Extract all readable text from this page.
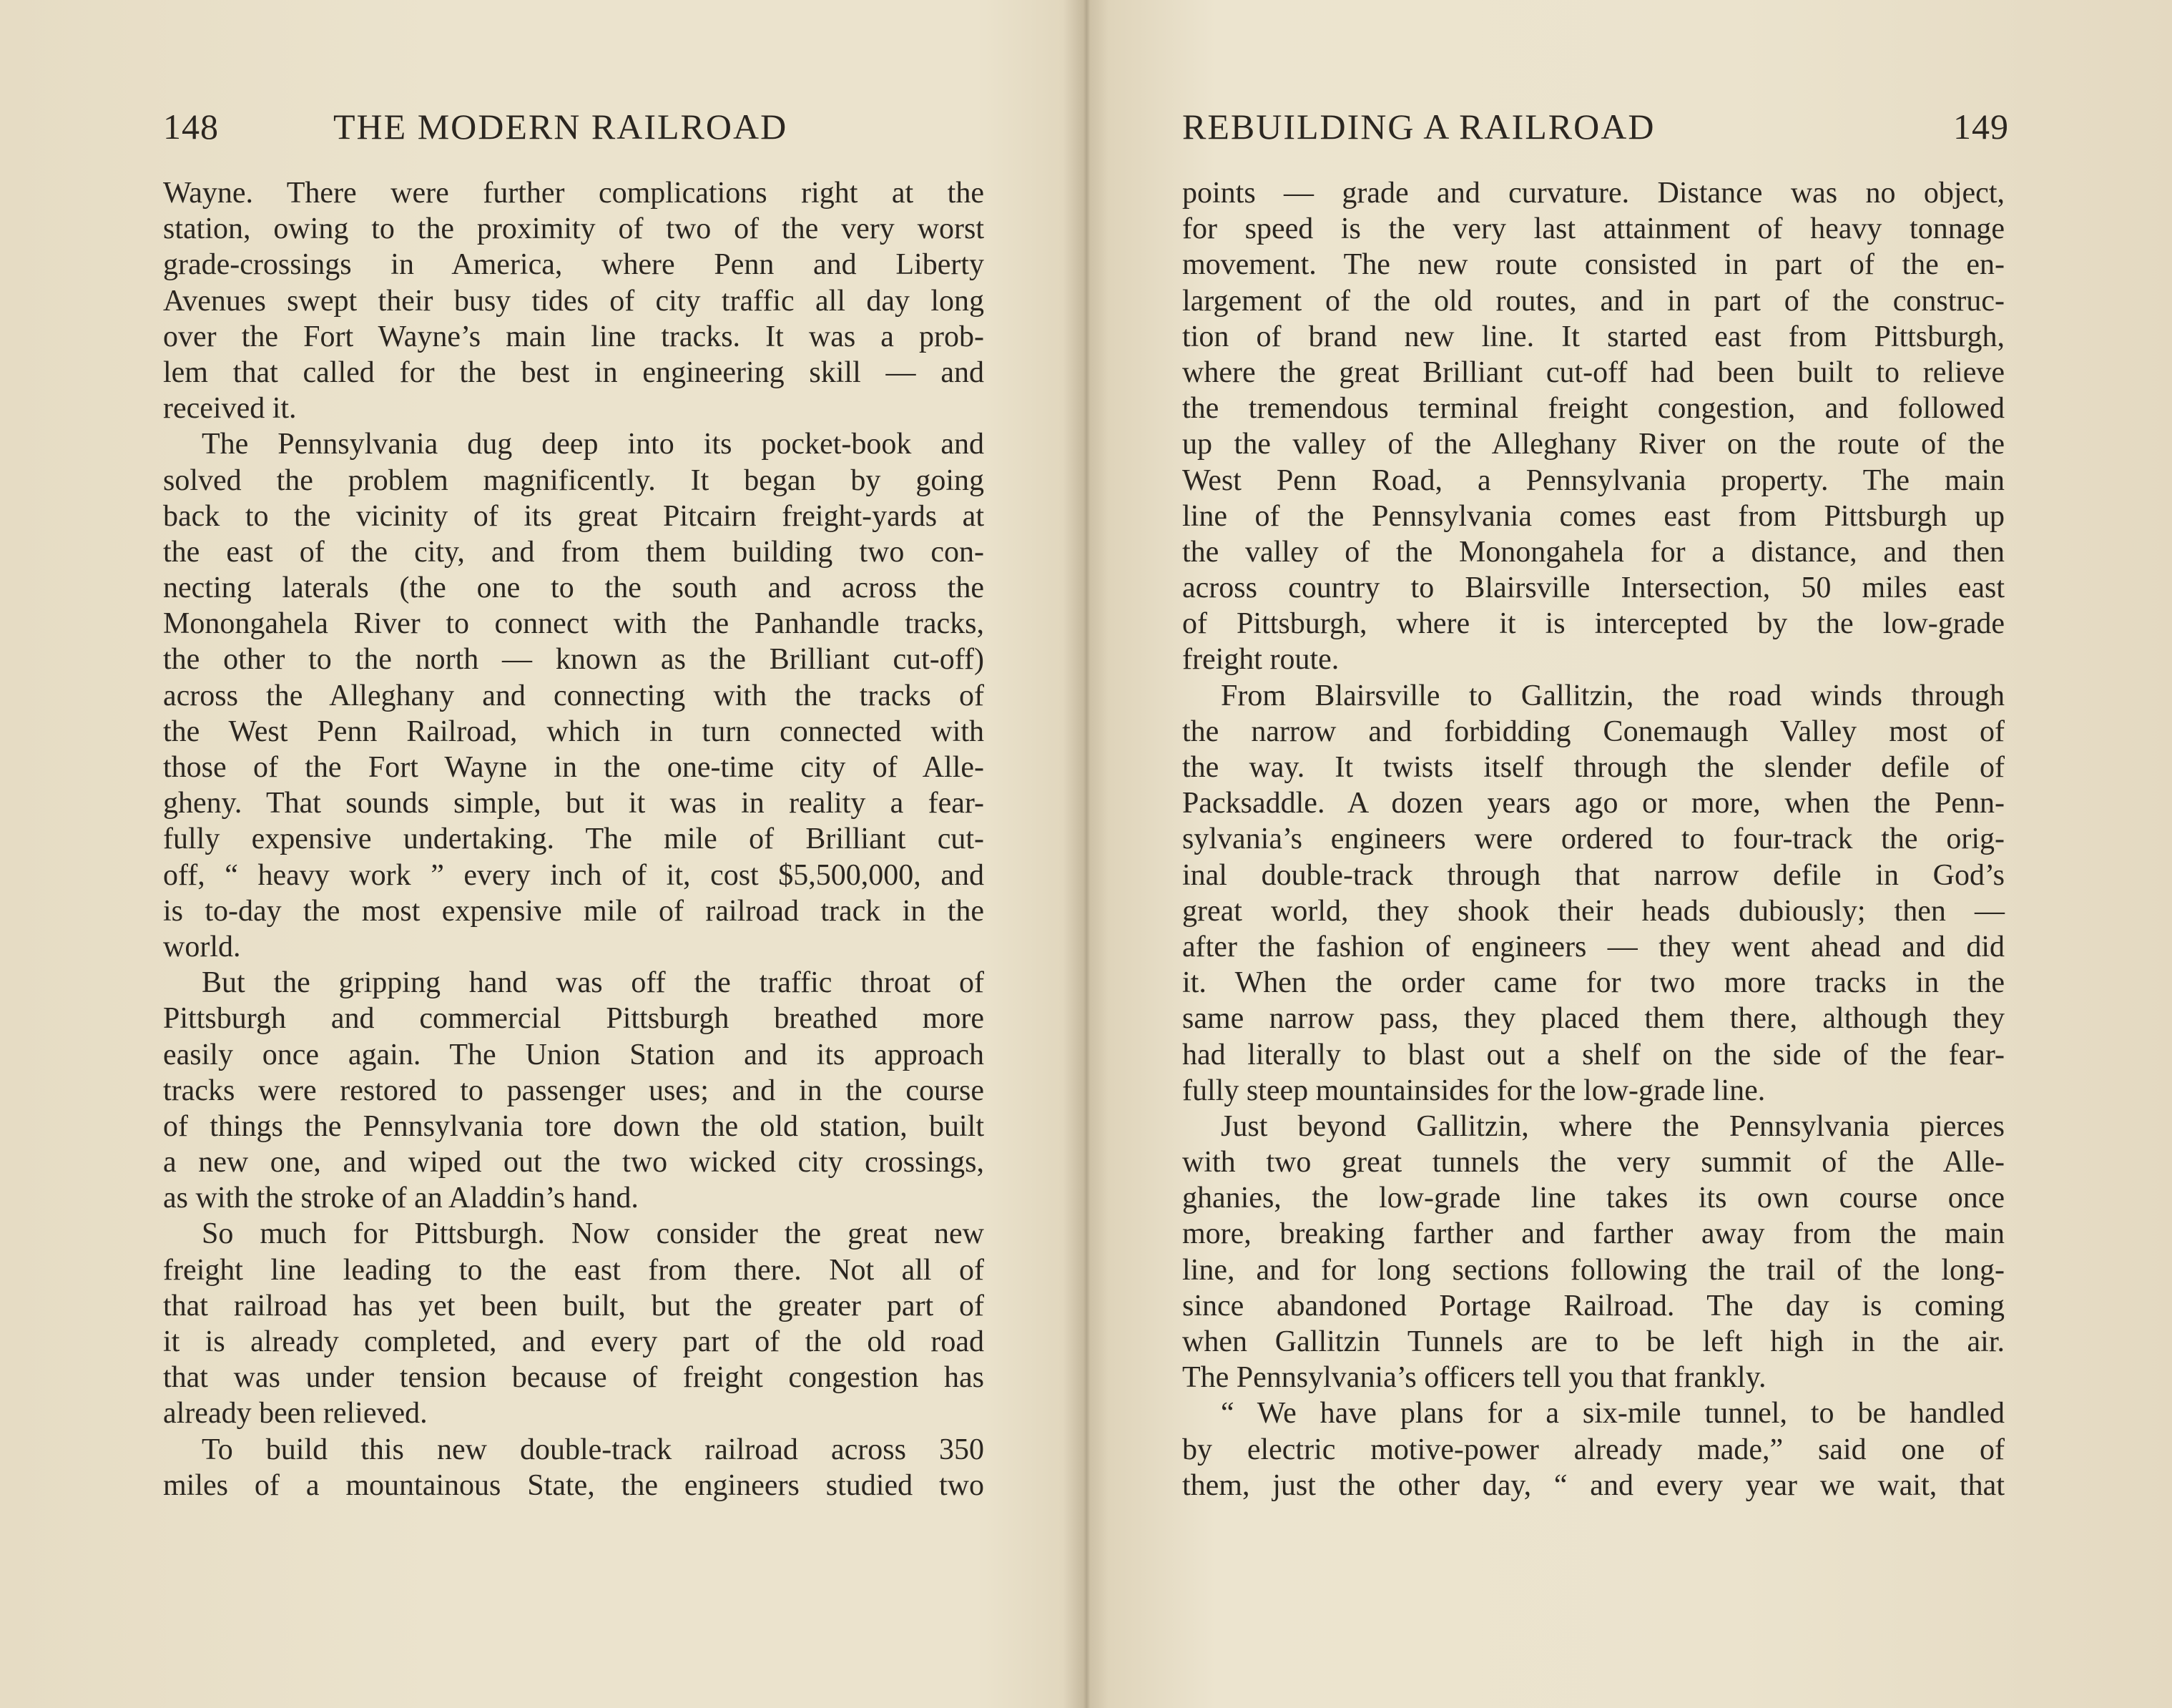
148	THE MODERN RAILROAD
Wayne. There were further complications right at the
station, owing to the proximity of two of the very worst
grade-crossings in America, where Penn and Liberty
Avenues swept their busy tides of city traffic all day long
over the Fort Wayne’s main line tracks. It was a prob-
lem that called for the best in engineering skill — and
received it.
The Pennsylvania dug deep into its pocket-book and
solved the problem magnificently. It began by going
back to the vicinity of its great Pitcairn freight-yards at
the east of the city, and from them building two con-
necting laterals (the one to the south and across the
Monongahela River to connect with the Panhandle tracks,
the other to the north — known as the Brilliant cut-off)
across the Alleghany and connecting with the tracks of
the West Penn Railroad, which in turn connected with
those of the Fort Wayne in the one-time city of Alle-
gheny. That sounds simple, but it was in reality a fear-
fully expensive undertaking. The mile of Brilliant cut-
off, “ heavy work ” every inch of it, cost $5,500,000, and
is to-day the most expensive mile of railroad track in the
world.
But the gripping hand was off the traffic throat of
Pittsburgh and commercial Pittsburgh breathed more
easily once again. The Union Station and its approach
tracks were restored to passenger uses; and in the course
of things the Pennsylvania tore down the old station, built
a new one, and wiped out the two wicked city crossings,
as with the stroke of an Aladdin’s hand.
So much for Pittsburgh. Now consider the great new
freight line leading to the east from there. Not all of
that railroad has yet been built, but the greater part of
it is already completed, and every part of the old road
that was under tension because of freight congestion has
already been relieved.
To build this new double-track railroad across 350
miles of a mountainous State, the engineers studied two
REBUILDING A RAILROAD	149
points — grade and curvature. Distance was no object,
for speed is the very last attainment of heavy tonnage
movement. The new route consisted in part of the en-
largement of the old routes, and in part of the construc-
tion of brand new line. It started east from Pittsburgh,
where the great Brilliant cut-off had been built to relieve
the tremendous terminal freight congestion, and followed
up the valley of the Alleghany River on the route of the
West Penn Road, a Pennsylvania property. The main
line of the Pennsylvania comes east from Pittsburgh up
the valley of the Monongahela for a distance, and then
across country to Blairsville Intersection, 50 miles east
of Pittsburgh, where it is intercepted by the low-grade
freight route.
From Blairsville to Gallitzin, the road winds through
the narrow and forbidding Conemaugh Valley most of
the way. It twists itself through the slender defile of
Packsaddle. A dozen years ago or more, when the Penn-
sylvania’s engineers were ordered to four-track the orig-
inal double-track through that narrow defile in God’s
great world, they shook their heads dubiously; then —
after the fashion of engineers — they went ahead and did
it. When the order came for two more tracks in the
same narrow pass, they placed them there, although they
had literally to blast out a shelf on the side of the fear-
fully steep mountainsides for the low-grade line.
Just beyond Gallitzin, where the Pennsylvania pierces
with two great tunnels the very summit of the Alle-
ghanies, the low-grade line takes its own course once
more, breaking farther and farther away from the main
line, and for long sections following the trail of the long-
since abandoned Portage Railroad. The day is coming
when Gallitzin Tunnels are to be left high in the air.
The Pennsylvania’s officers tell you that frankly.
“ We have plans for a six-mile tunnel, to be handled
by electric motive-power already made,” said one of
them, just the other day, “ and every year we wait, that
